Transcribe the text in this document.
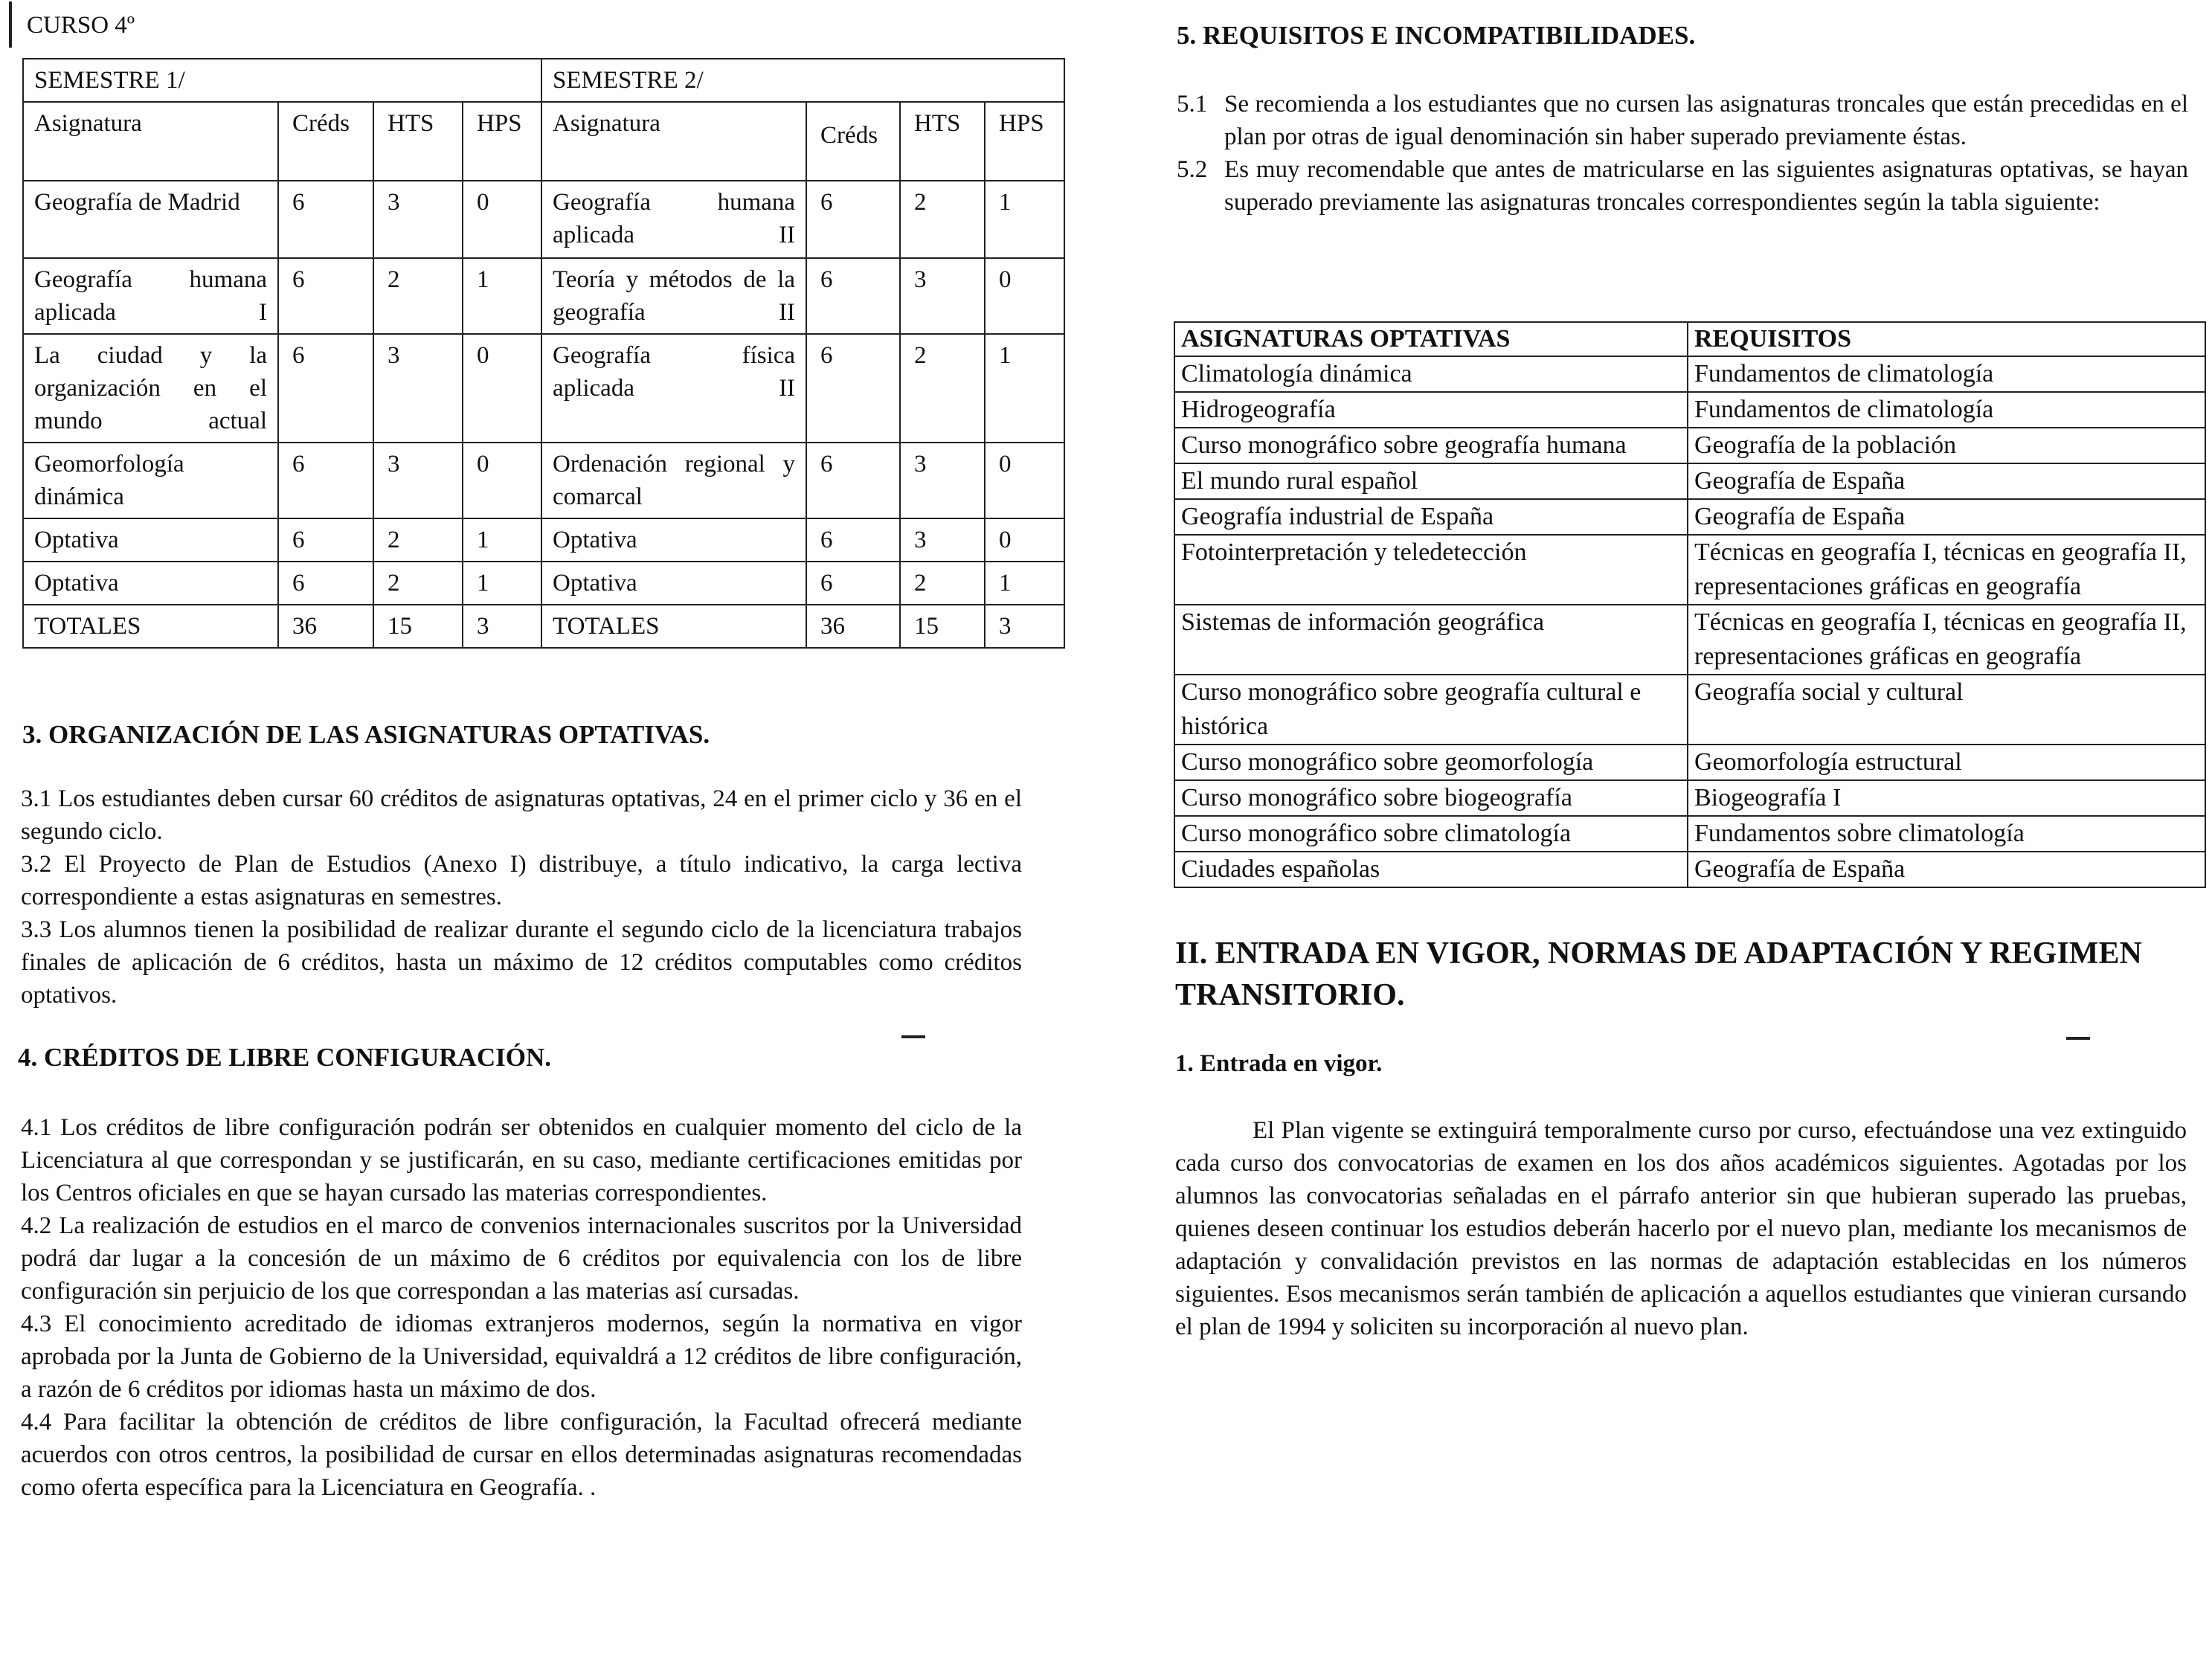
CURSO 4º
SEMESTRE 1/				SEMESTRE 2/			
Asignatura	Créds	HTS	HPS	Asignatura	Créds	HTS	HPS
Geografía de Madrid	6	3	0	Geografía humana aplicada II	6	2	1
Geografía humana aplicada I	6	2	1	Teoría y métodos de la geografía II	6	3	0
La ciudad y la organización en el mundo actual	6	3	0	Geografía física aplicada II	6	2	1
Geomorfología dinámica	6	3	0	Ordenación regional y comarcal	6	3	0
Optativa	6	2	1	Optativa	6	3	0
Optativa	6	2	1	Optativa	6	2	1
TOTALES	36	15	3	TOTALES	36	15	3
3. ORGANIZACIÓN DE LAS ASIGNATURAS OPTATIVAS.
3.1 Los estudiantes deben cursar 60 créditos de asignaturas optativas, 24 en el primer ciclo y 36 en el segundo ciclo.
3.2 El Proyecto de Plan de Estudios (Anexo I) distribuye, a título indicativo, la carga lectiva correspondiente a estas asignaturas en semestres.
3.3 Los alumnos tienen la posibilidad de realizar durante el segundo ciclo de la licenciatura trabajos finales de aplicación de 6 créditos, hasta un máximo de 12 créditos computables como créditos optativos.
4. CRÉDITOS DE LIBRE CONFIGURACIÓN.
4.1 Los créditos de libre configuración podrán ser obtenidos en cualquier momento del ciclo de la Licenciatura al que correspondan y se justificarán, en su caso, mediante certificaciones emitidas por los Centros oficiales en que se hayan cursado las materias correspondientes.
4.2 La realización de estudios en el marco de convenios internacionales suscritos por la Universidad podrá dar lugar a la concesión de un máximo de 6 créditos por equivalencia con los de libre configuración sin perjuicio de los que correspondan a las materias así cursadas.
4.3 El conocimiento acreditado de idiomas extranjeros modernos, según la normativa en vigor aprobada por la Junta de Gobierno de la Universidad, equivaldrá a 12 créditos de libre configuración, a razón de 6 créditos por idiomas hasta un máximo de dos.
4.4 Para facilitar la obtención de créditos de libre configuración, la Facultad ofrecerá mediante acuerdos con otros centros, la posibilidad de cursar en ellos determinadas asignaturas recomendadas como oferta específica para la Licenciatura en Geografía. .
5. REQUISITOS E INCOMPATIBILIDADES.
5.1 Se recomienda a los estudiantes que no cursen las asignaturas troncales que están precedidas en el plan por otras de igual denominación sin haber superado previamente éstas.
5.2 Es muy recomendable que antes de matricularse en las siguientes asignaturas optativas, se hayan superado previamente las asignaturas troncales correspondientes según la tabla siguiente:
ASIGNATURAS OPTATIVAS	REQUISITOS
Climatología dinámica	Fundamentos de climatología
Hidrogeografía	Fundamentos de climatología
Curso monográfico sobre geografía humana	Geografía de la población
El mundo rural español	Geografía de España
Geografía industrial de España	Geografía de España
Fotointerpretación y teledetección	Técnicas en geografía I, técnicas en geografía II, representaciones gráficas en geografía
Sistemas de información geográfica	Técnicas en geografía I, técnicas en geografía II, representaciones gráficas en geografía
Curso monográfico sobre geografía cultural e histórica	Geografía social y cultural
Curso monográfico sobre geomorfología	Geomorfología estructural
Curso monográfico sobre biogeografía	Biogeografía I
Curso monográfico sobre climatología	Fundamentos sobre climatología
Ciudades españolas	Geografía de España
II. ENTRADA EN VIGOR, NORMAS DE ADAPTACIÓN Y REGIMEN TRANSITORIO.
1. Entrada en vigor.
El Plan vigente se extinguirá temporalmente curso por curso, efectuándose una vez extinguido cada curso dos convocatorias de examen en los dos años académicos siguientes. Agotadas por los alumnos las convocatorias señaladas en el párrafo anterior sin que hubieran superado las pruebas, quienes deseen continuar los estudios deberán hacerlo por el nuevo plan, mediante los mecanismos de adaptación y convalidación previstos en las normas de adaptación establecidas en los números siguientes. Esos mecanismos serán también de aplicación a aquellos estudiantes que vinieran cursando el plan de 1994 y soliciten su incorporación al nuevo plan.
